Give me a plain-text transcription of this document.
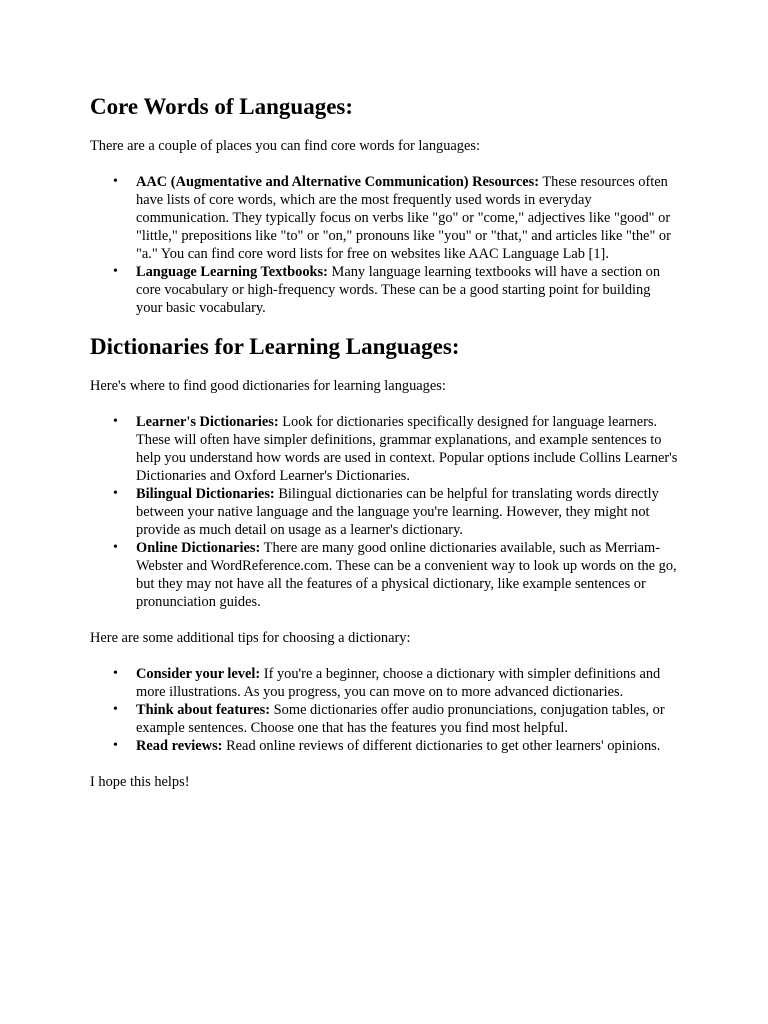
Core Words of Languages:

There are a couple of places you can find core words for languages:

• AAC (Augmentative and Alternative Communication) Resources: These resources often have lists of core words, which are the most frequently used words in everyday communication. They typically focus on verbs like "go" or "come," adjectives like "good" or "little," prepositions like "to" or "on," pronouns like "you" or "that," and articles like "the" or "a." You can find core word lists for free on websites like AAC Language Lab [1].
• Language Learning Textbooks: Many language learning textbooks will have a section on core vocabulary or high-frequency words. These can be a good starting point for building your basic vocabulary.
Dictionaries for Learning Languages:

Here's where to find good dictionaries for learning languages:

• Learner's Dictionaries: Look for dictionaries specifically designed for language learners. These will often have simpler definitions, grammar explanations, and example sentences to help you understand how words are used in context. Popular options include Collins Learner's Dictionaries and Oxford Learner's Dictionaries.
• Bilingual Dictionaries: Bilingual dictionaries can be helpful for translating words directly between your native language and the language you're learning. However, they might not provide as much detail on usage as a learner's dictionary.
• Online Dictionaries: There are many good online dictionaries available, such as Merriam-Webster and WordReference.com. These can be a convenient way to look up words on the go, but they may not have all the features of a physical dictionary, like example sentences or pronunciation guides.

Here are some additional tips for choosing a dictionary:

• Consider your level: If you're a beginner, choose a dictionary with simpler definitions and more illustrations. As you progress, you can move on to more advanced dictionaries.
• Think about features: Some dictionaries offer audio pronunciations, conjugation tables, or example sentences. Choose one that has the features you find most helpful.
• Read reviews: Read online reviews of different dictionaries to get other learners' opinions.

I hope this helps!
